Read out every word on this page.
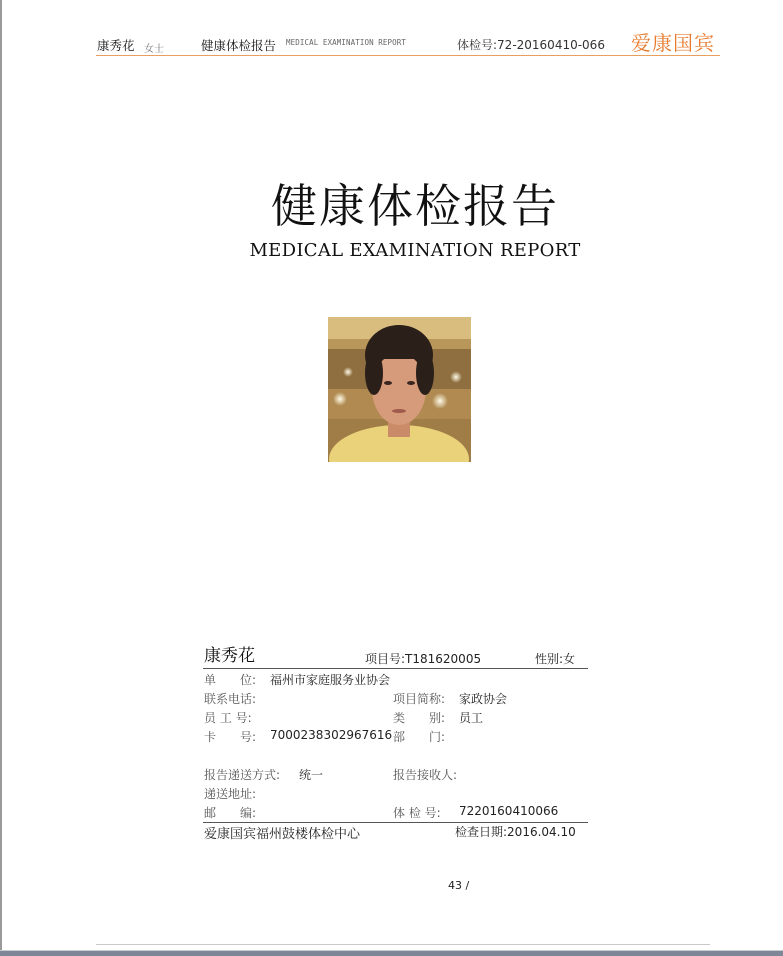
康秀花 女士	健康体检报告 MEDICAL EXAMINATION REPORT	体检号:72-20160410-066 爱康国宾
健康体检报告
MEDICAL EXAMINATION REPORT
康秀花	项目号:T181620005	性别:女
单　　位: 福州市家庭服务业协会
联系电话:	项目简称: 家政协会
员 工 号:	类　　别: 员工
卡　　号: 7000238302967616 部　　门:
报告递送方式: 统一	报告接收人:
递送地址:
邮　　编:	体 检 号: 7220160410066
爱康国宾福州鼓楼体检中心	检查日期:2016.04.10
43 /
